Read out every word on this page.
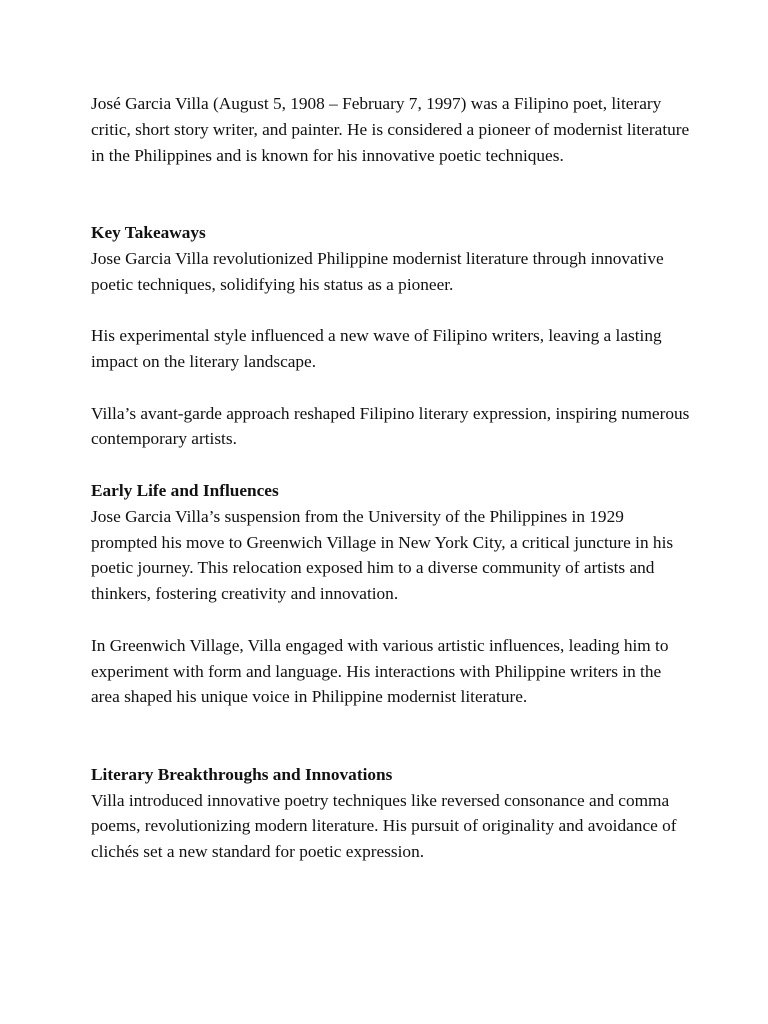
José Garcia Villa (August 5, 1908 – February 7, 1997) was a Filipino poet, literary critic, short story writer, and painter. He is considered a pioneer of modernist literature in the Philippines and is known for his innovative poetic techniques.

Key Takeaways

Jose Garcia Villa revolutionized Philippine modernist literature through innovative poetic techniques, solidifying his status as a pioneer.

His experimental style influenced a new wave of Filipino writers, leaving a lasting impact on the literary landscape.

Villa’s avant-garde approach reshaped Filipino literary expression, inspiring numerous contemporary artists.

Early Life and Influences

Jose Garcia Villa’s suspension from the University of the Philippines in 1929 prompted his move to Greenwich Village in New York City, a critical juncture in his poetic journey. This relocation exposed him to a diverse community of artists and thinkers, fostering creativity and innovation.

In Greenwich Village, Villa engaged with various artistic influences, leading him to experiment with form and language. His interactions with Philippine writers in the area shaped his unique voice in Philippine modernist literature.

Literary Breakthroughs and Innovations

Villa introduced innovative poetry techniques like reversed consonance and comma poems, revolutionizing modern literature. His pursuit of originality and avoidance of clichés set a new standard for poetic expression.
